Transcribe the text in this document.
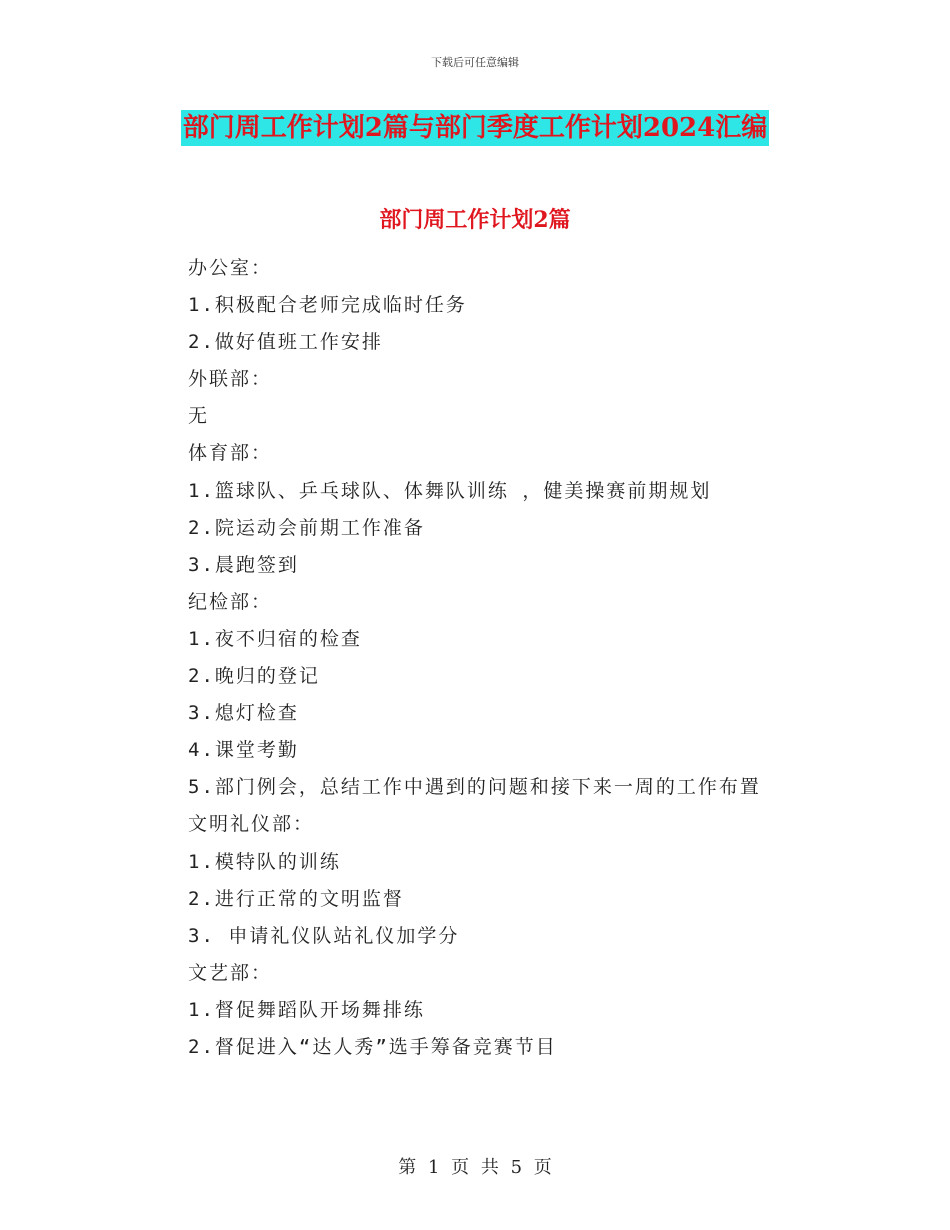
下载后可任意编辑
部门周工作计划2篇与部门季度工作计划2024汇编
部门周工作计划2篇
办公室：
1.积极配合老师完成临时任务
2.做好值班工作安排
外联部：
无
体育部：
1.篮球队、乒乓球队、体舞队训练 ，健美操赛前期规划
2.院运动会前期工作准备
3.晨跑签到
纪检部：
1.夜不归宿的检查
2.晚归的登记
3.熄灯检查
4.课堂考勤
5.部门例会，总结工作中遇到的问题和接下来一周的工作布置
文明礼仪部：
1.模特队的训练
2.进行正常的文明监督
3. 申请礼仪队站礼仪加学分
文艺部：
1.督促舞蹈队开场舞排练
2.督促进入“达人秀”选手筹备竞赛节目
第 1 页 共 5 页
